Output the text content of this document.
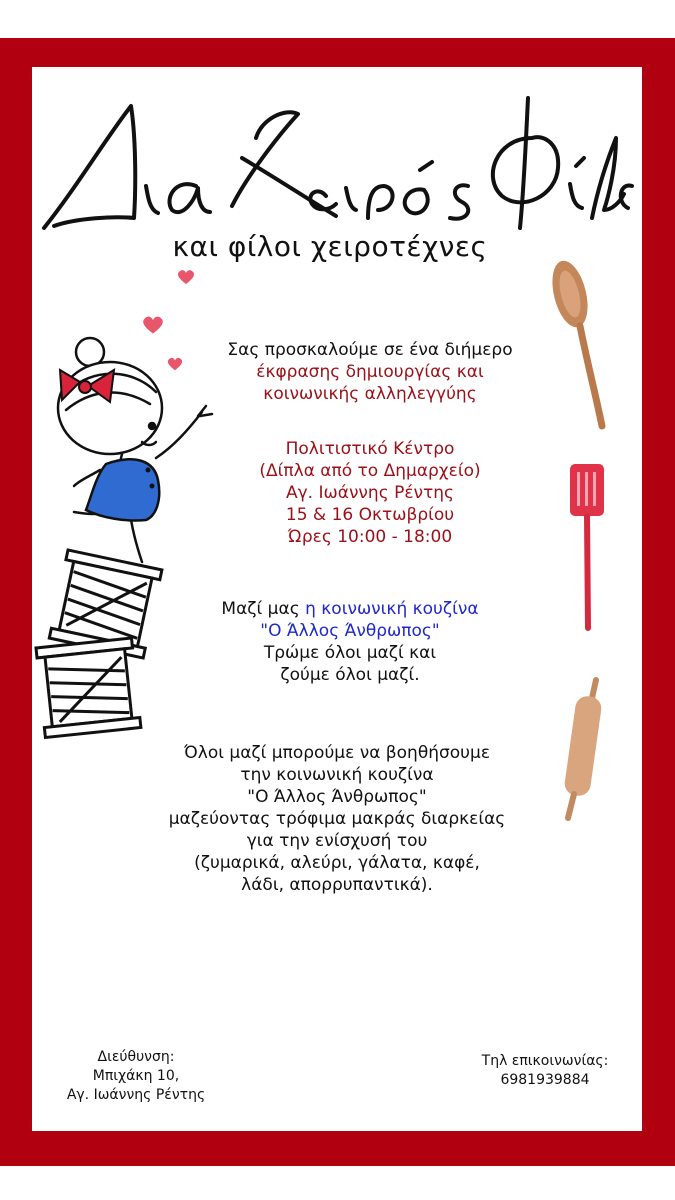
και φίλοι χειροτέχνες
Σας προσκαλούμε σε ένα διήμερο
έκφρασης δημιουργίας και
κοινωνικής αλληλεγγύης
Πολιτιστικό Κέντρο
(Δίπλα από το Δημαρχείο)
Αγ. Ιωάννης Ρέντης
15 & 16 Οκτωβρίου
Ώρες 10:00 - 18:00
Μαζί μας η κοινωνική κουζίνα
"Ο Άλλος Άνθρωπος"
Τρώμε όλοι μαζί και
ζούμε όλοι μαζί.
Όλοι μαζί μπορούμε να βοηθήσουμε
την κοινωνική κουζίνα
"Ο Άλλος Άνθρωπος"
μαζεύοντας τρόφιμα μακράς διαρκείας
για την ενίσχυσή του
(ζυμαρικά, αλεύρι, γάλατα, καφέ,
λάδι, απορρυπαντικά).
Διεύθυνση:
Μπιχάκη 10,
Αγ. Ιωάννης Ρέντης
Τηλ επικοινωνίας:
6981939884
